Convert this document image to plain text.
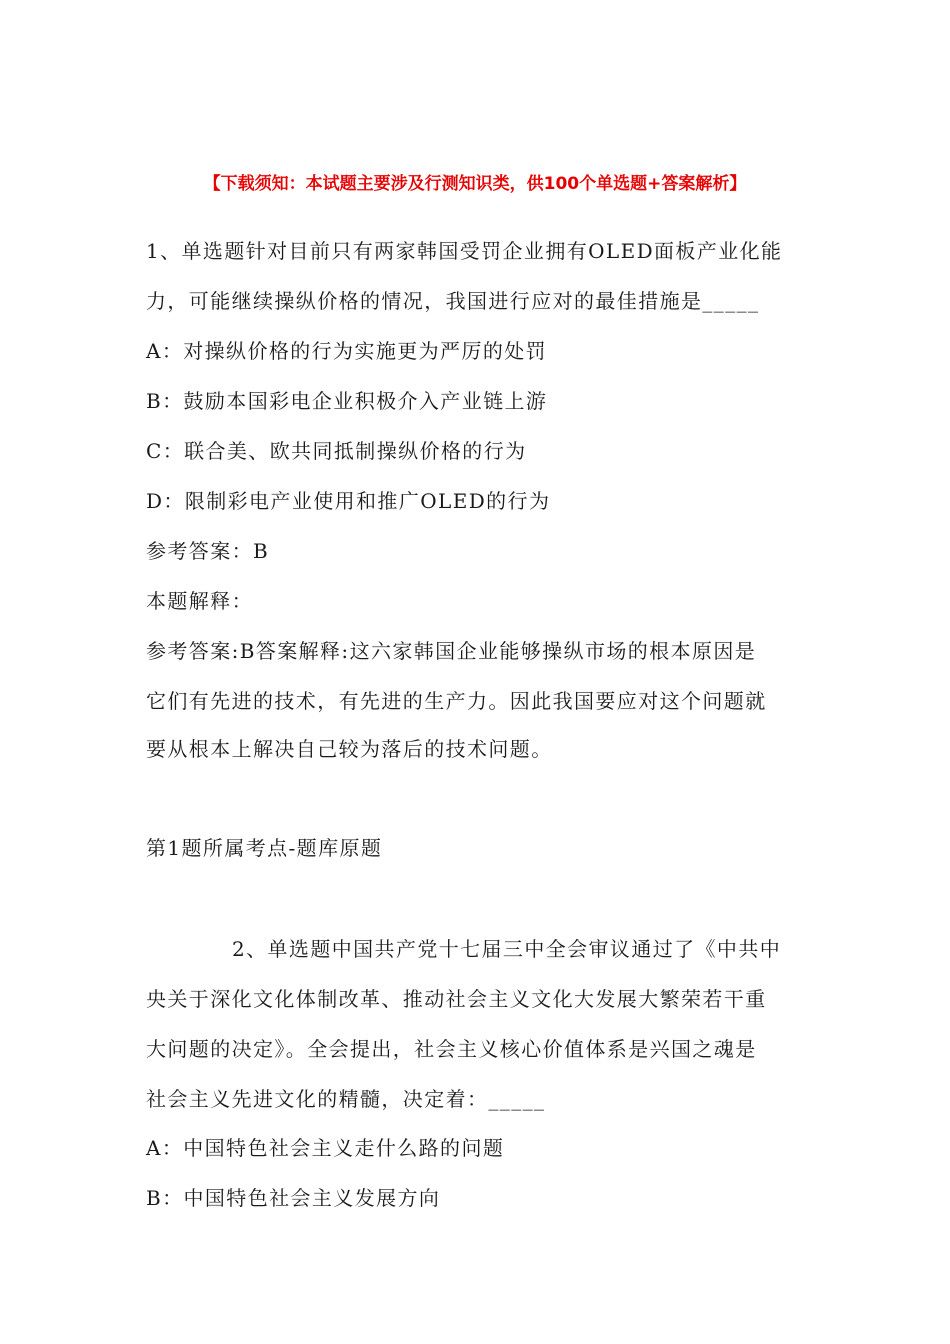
【下载须知：本试题主要涉及行测知识类，供100个单选题+答案解析】
1、单选题针对目前只有两家韩国受罚企业拥有OLED面板产业化能
力，可能继续操纵价格的情况，我国进行应对的最佳措施是_____
A：对操纵价格的行为实施更为严厉的处罚
B：鼓励本国彩电企业积极介入产业链上游
C：联合美、欧共同抵制操纵价格的行为
D：限制彩电产业使用和推广OLED的行为
参考答案：B
本题解释：
参考答案:B答案解释:这六家韩国企业能够操纵市场的根本原因是
它们有先进的技术，有先进的生产力。因此我国要应对这个问题就
要从根本上解决自己较为落后的技术问题。
第1题所属考点-题库原题
2、单选题中国共产党十七届三中全会审议通过了《中共中
央关于深化文化体制改革、推动社会主义文化大发展大繁荣若干重
大问题的决定》。全会提出，社会主义核心价值体系是兴国之魂是
社会主义先进文化的精髓，决定着：_____
A：中国特色社会主义走什么路的问题
B：中国特色社会主义发展方向
